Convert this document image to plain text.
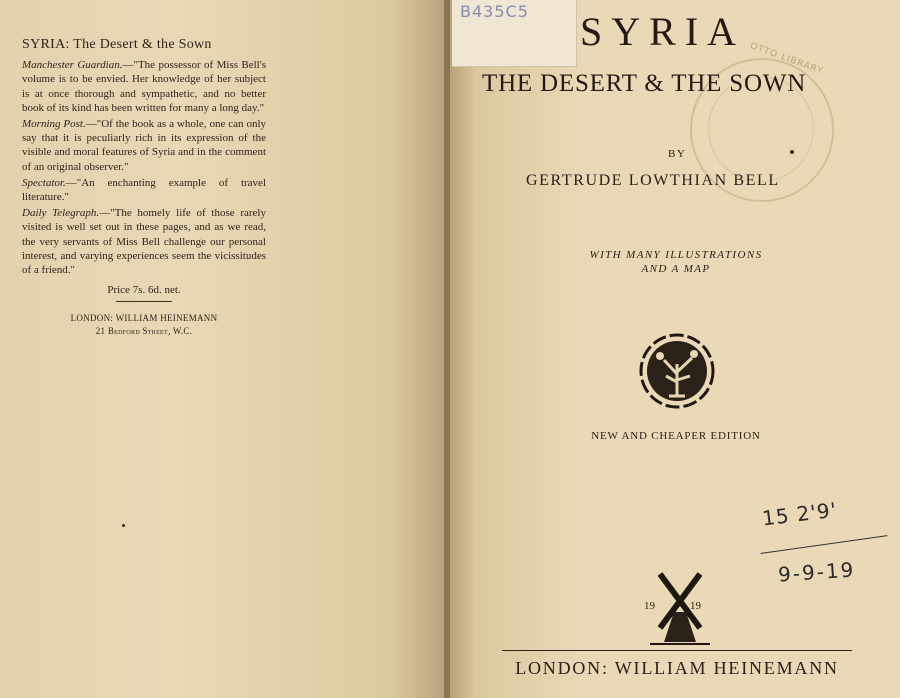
SYRIA: The Desert & the Sown

Manchester Guardian.—"The possessor of Miss Bell's volume is to be envied. Her knowledge of her subject is at once thorough and sympathetic, and no better book of its kind has been written for many a long day."

Morning Post.—"Of the book as a whole, one can only say that it is peculiarly rich in its expression of the visible and moral features of Syria and in the comment of an original observer."

Spectator.—"An enchanting example of travel literature."

Daily Telegraph.—"The homely life of those rarely visited is well set out in these pages, and as we read, the very servants of Miss Bell challenge our personal interest, and varying experiences seem the vicissitudes of a friend."

Price 7s. 6d. net.
LONDON: WILLIAM HEINEMANN
21 Bedford Street, W.C.
B435C5
OTTO LIBRARY
SYRIA
THE DESERT & THE SOWN
BY
GERTRUDE LOWTHIAN BELL
WITH MANY ILLUSTRATIONS
AND A MAP
NEW AND CHEAPER EDITION
15 2'9'
9-9-19
19	19
LONDON: WILLIAM HEINEMANN
